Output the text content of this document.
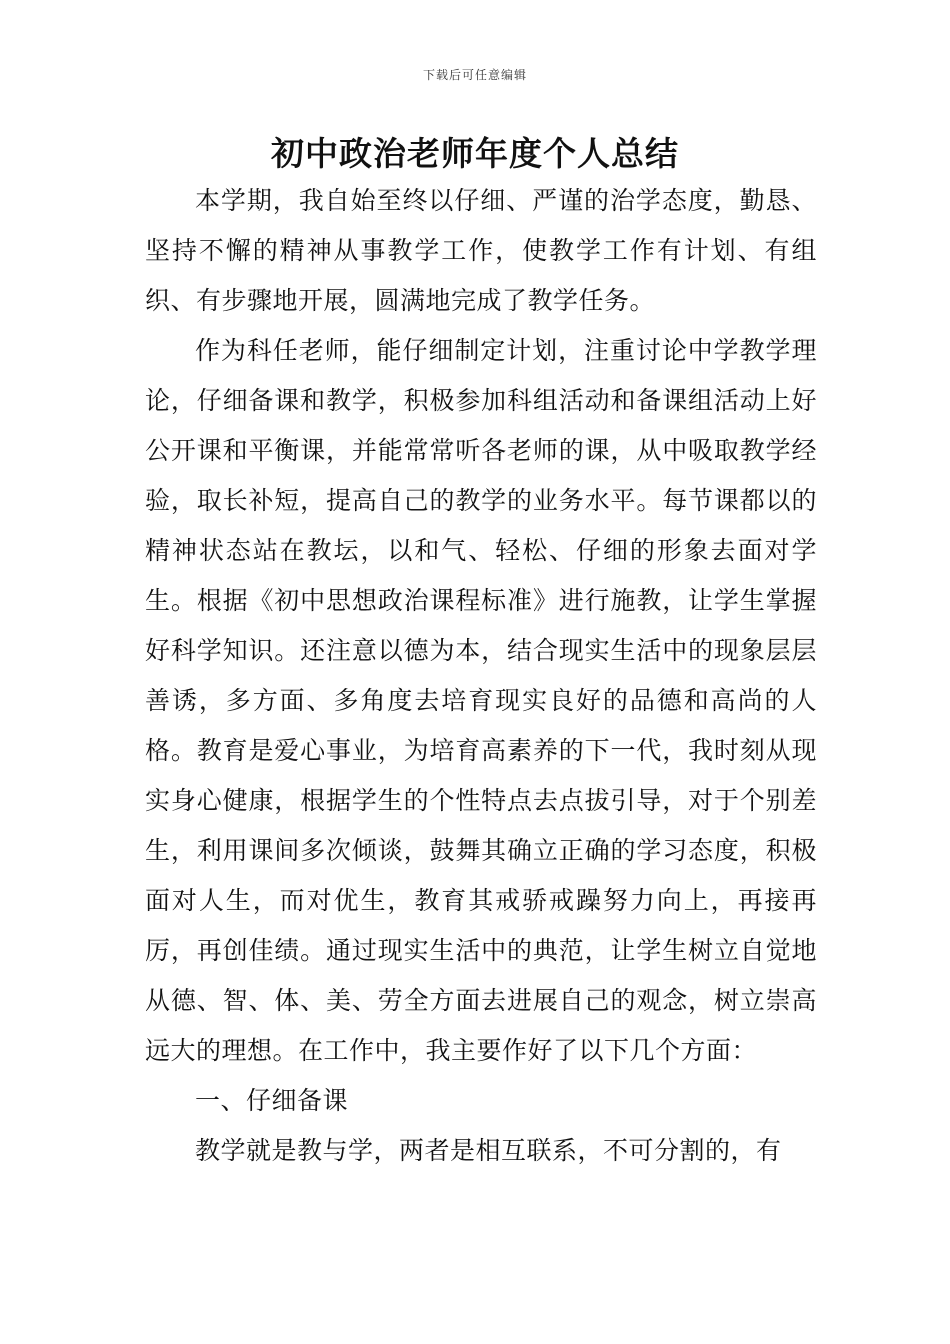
下载后可任意编辑
初中政治老师年度个人总结

本学期，我自始至终以仔细、严谨的治学态度，勤恳、坚持不懈的精神从事教学工作，使教学工作有计划、有组织、有步骤地开展，圆满地完成了教学任务。

作为科任老师，能仔细制定计划，注重讨论中学教学理论，仔细备课和教学，积极参加科组活动和备课组活动上好公开课和平衡课，并能常常听各老师的课，从中吸取教学经验，取长补短，提高自己的教学的业务水平。每节课都以的精神状态站在教坛，以和气、轻松、仔细的形象去面对学生。根据《初中思想政治课程标准》进行施教，让学生掌握好科学知识。还注意以德为本，结合现实生活中的现象层层善诱，多方面、多角度去培育现实良好的品德和高尚的人格。教育是爱心事业，为培育高素养的下一代，我时刻从现实身心健康，根据学生的个性特点去点拔引导，对于个别差生，利用课间多次倾谈，鼓舞其确立正确的学习态度，积极面对人生，而对优生，教育其戒骄戒躁努力向上，再接再厉，再创佳绩。通过现实生活中的典范，让学生树立自觉地从德、智、体、美、劳全方面去进展自己的观念，树立崇高远大的理想。在工作中，我主要作好了以下几个方面：

一、仔细备课

教学就是教与学，两者是相互联系，不可分割的，有
